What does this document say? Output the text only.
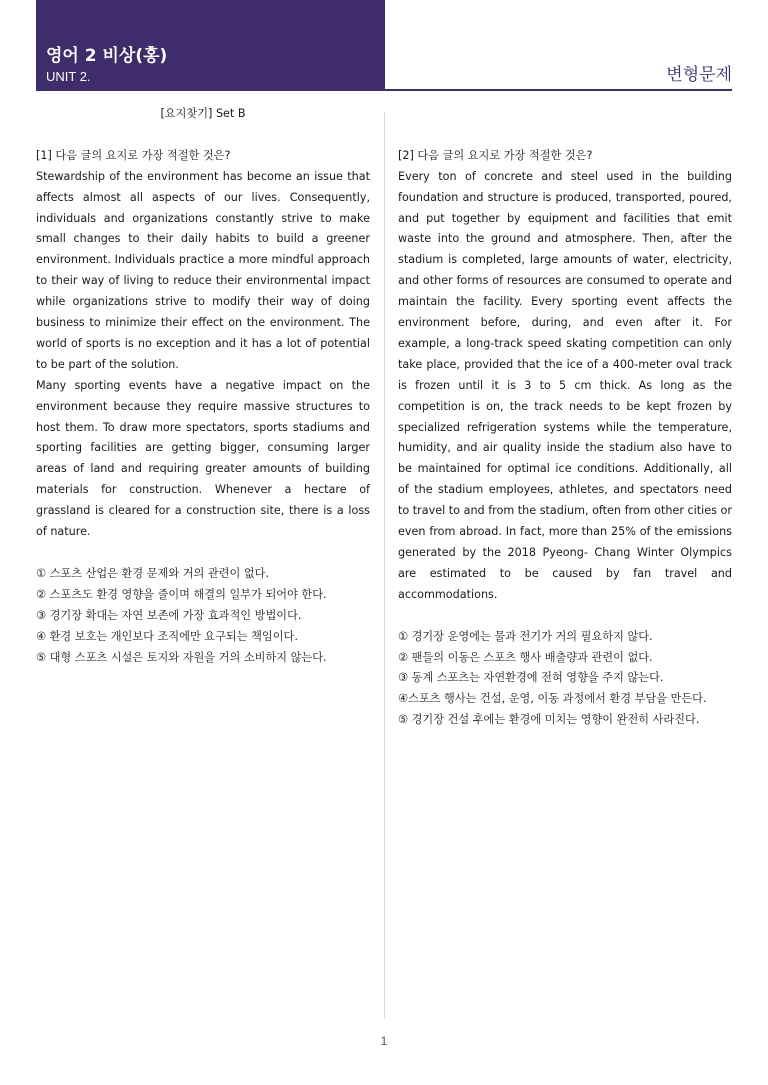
영어 2 비상(홍)
UNIT 2.	변형문제
[요지찾기] Set B

[1] 다음 글의 요지로 가장 적절한 것은?

Stewardship of the environment has become an issue that affects almost all aspects of our lives. Consequently, individuals and organizations constantly strive to make small changes to their daily habits to build a greener environment. Individuals practice a more mindful approach to their way of living to reduce their environmental impact while organizations strive to modify their way of doing business to minimize their effect on the environment. The world of sports is no exception and it has a lot of potential to be part of the solution.

Many sporting events have a negative impact on the environment because they require massive structures to host them. To draw more spectators, sports stadiums and sporting facilities are getting bigger, consuming larger areas of land and requiring greater amounts of building materials for construction. Whenever a hectare of grassland is cleared for a construction site, there is a loss of nature.

① 스포츠 산업은 환경 문제와 거의 관련이 없다.
② 스포츠도 환경 영향을 줄이며 해결의 일부가 되어야 한다.
③ 경기장 확대는 자연 보존에 가장 효과적인 방법이다.
④ 환경 보호는 개인보다 조직에만 요구되는 책임이다.
⑤ 대형 스포츠 시설은 토지와 자원을 거의 소비하지 않는다.

[2] 다음 글의 요지로 가장 적절한 것은?

Every ton of concrete and steel used in the building foundation and structure is produced, transported, poured, and put together by equipment and facilities that emit waste into the ground and atmosphere. Then, after the stadium is completed, large amounts of water, electricity, and other forms of resources are consumed to operate and maintain the facility. Every sporting event affects the environment before, during, and even after it. For example, a long-track speed skating competition can only take place, provided that the ice of a 400-meter oval track is frozen until it is 3 to 5 cm thick. As long as the competition is on, the track needs to be kept frozen by specialized refrigeration systems while the temperature, humidity, and air quality inside the stadium also have to be maintained for optimal ice conditions. Additionally, all of the stadium employees, athletes, and spectators need to travel to and from the stadium, often from other cities or even from abroad. In fact, more than 25% of the emissions generated by the 2018 Pyeong- Chang Winter Olympics are estimated to be caused by fan travel and accommodations.

① 경기장 운영에는 물과 전기가 거의 필요하지 않다.
② 팬들의 이동은 스포츠 행사 배출량과 관련이 없다.
③ 동계 스포츠는 자연환경에 전혀 영향을 주지 않는다.
④스포츠 행사는 건설, 운영, 이동 과정에서 환경 부담을 만든다.
⑤ 경기장 건설 후에는 환경에 미치는 영향이 완전히 사라진다.
1
